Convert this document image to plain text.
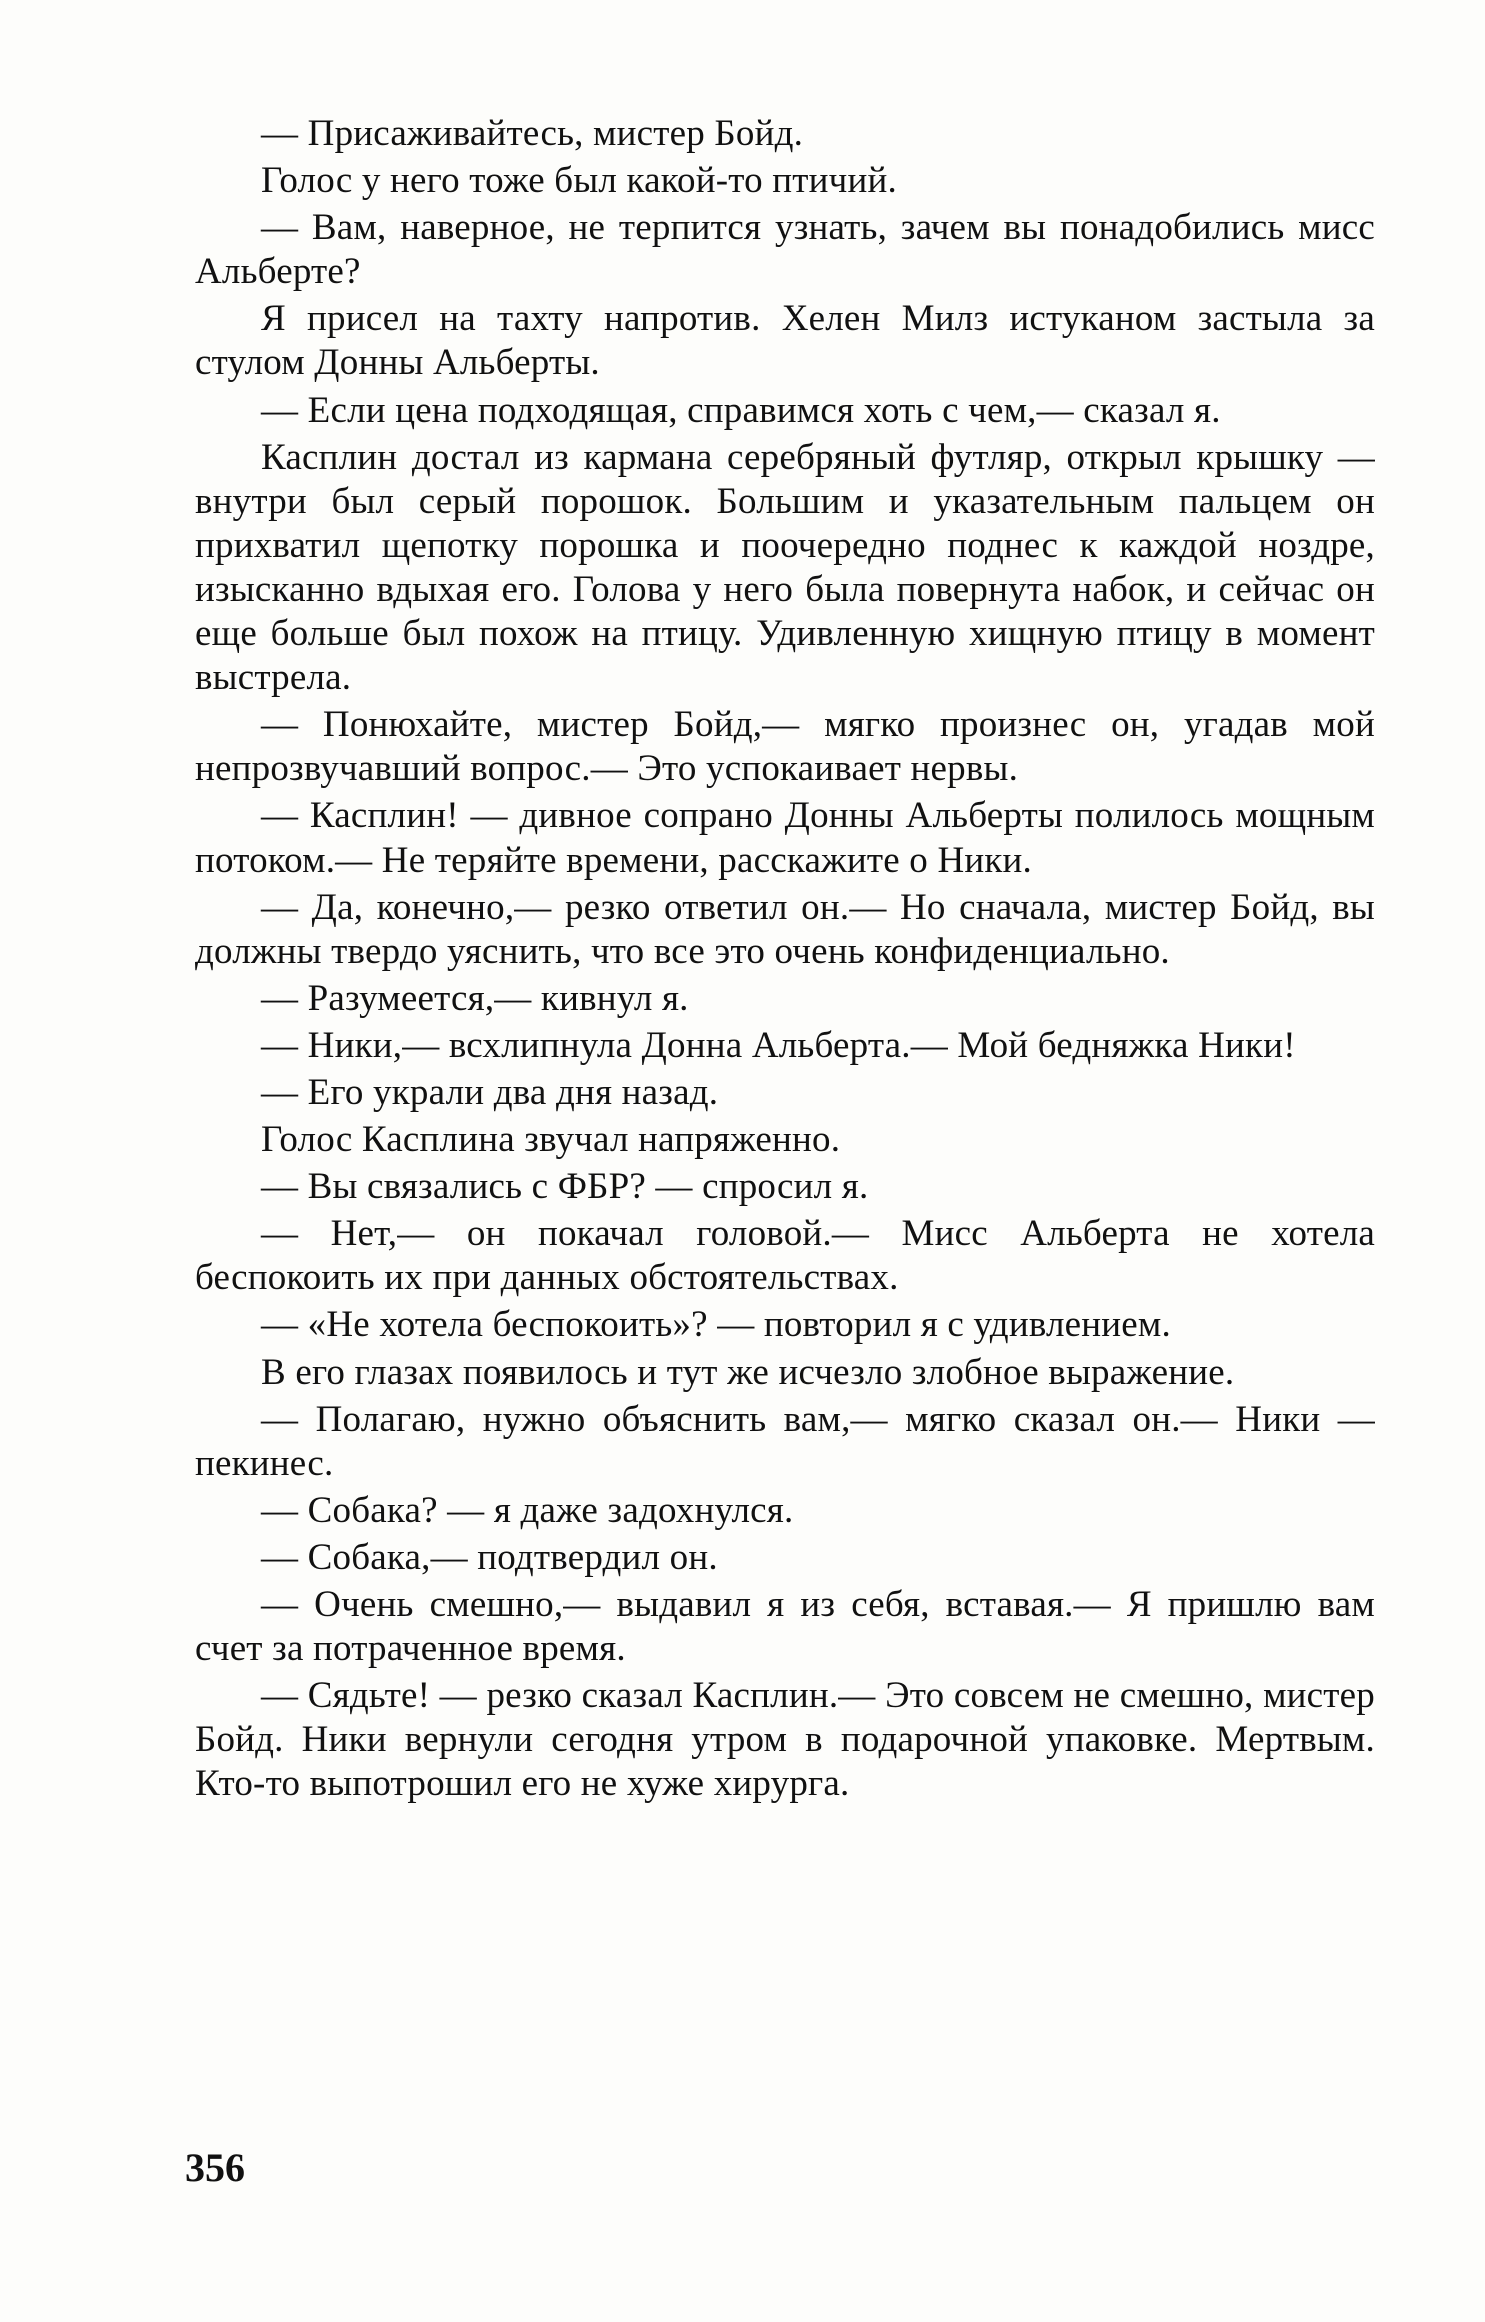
— Присаживайтесь, мистер Бойд.

Голос у него тоже был какой-то птичий.

— Вам, наверное, не терпится узнать, зачем вы понадобились мисс Альберте?

Я присел на тахту напротив. Хелен Милз истуканом застыла за стулом Донны Альберты.

— Если цена подходящая, справимся хоть с чем,— сказал я.

Касплин достал из кармана серебряный футляр, открыл крышку — внутри был серый порошок. Большим и указательным пальцем он прихватил щепотку порошка и поочередно поднес к каждой ноздре, изысканно вдыхая его. Голова у него была повернута набок, и сейчас он еще больше был похож на птицу. Удивленную хищную птицу в момент выстрела.

— Понюхайте, мистер Бойд,— мягко произнес он, угадав мой непрозвучавший вопрос.— Это успокаивает нервы.

— Касплин! — дивное сопрано Донны Альберты полилось мощным потоком.— Не теряйте времени, расскажите о Ники.

— Да, конечно,— резко ответил он.— Но сначала, мистер Бойд, вы должны твердо уяснить, что все это очень конфиденциально.

— Разумеется,— кивнул я.

— Ники,— всхлипнула Донна Альберта.— Мой бедняжка Ники!

— Его украли два дня назад.

Голос Касплина звучал напряженно.

— Вы связались с ФБР? — спросил я.

— Нет,— он покачал головой.— Мисс Альберта не хотела беспокоить их при данных обстоятельствах.

— «Не хотела беспокоить»? — повторил я с удивлением.

В его глазах появилось и тут же исчезло злобное выражение.

— Полагаю, нужно объяснить вам,— мягко сказал он.— Ники — пекинес.

— Собака? — я даже задохнулся.

— Собака,— подтвердил он.

— Очень смешно,— выдавил я из себя, вставая.— Я пришлю вам счет за потраченное время.

— Сядьте! — резко сказал Касплин.— Это совсем не смешно, мистер Бойд. Ники вернули сегодня утром в подарочной упаковке. Мертвым. Кто-то выпотрошил его не хуже хирурга.

356
